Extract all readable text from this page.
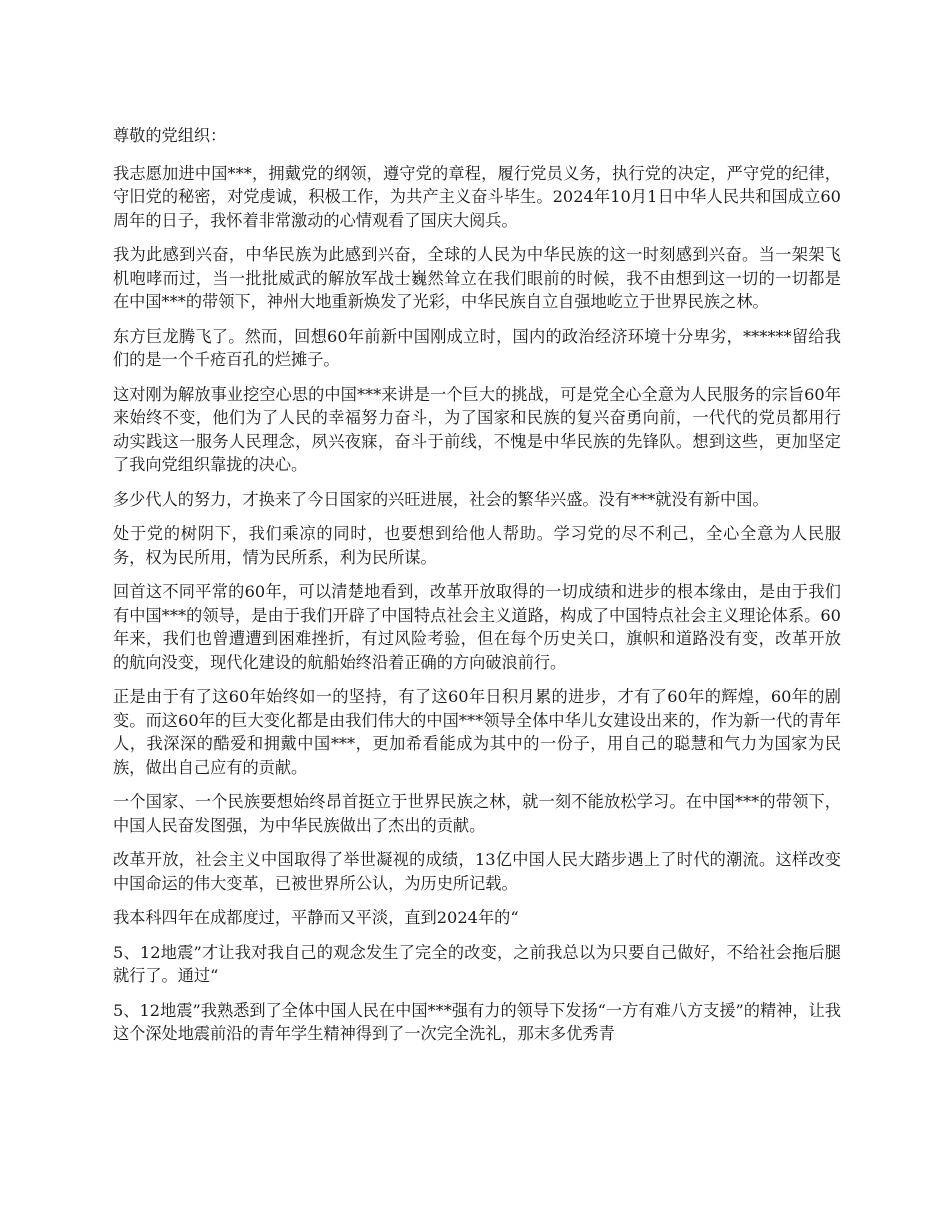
尊敬的党组织：

我志愿加进中国***，拥戴党的纲领，遵守党的章程，履行党员义务，执行党的决定，严守党的纪律，守旧党的秘密，对党虔诚，积极工作，为共产主义奋斗毕生。2024年10月1日中华人民共和国成立60周年的日子，我怀着非常激动的心情观看了国庆大阅兵。

我为此感到兴奋，中华民族为此感到兴奋，全球的人民为中华民族的这一时刻感到兴奋。当一架架飞机咆哮而过，当一批批威武的解放军战士巍然耸立在我们眼前的时候，我不由想到这一切的一切都是在中国***的带领下，神州大地重新焕发了光彩，中华民族自立自强地屹立于世界民族之林。

东方巨龙腾飞了。然而，回想60年前新中国刚成立时，国内的政治经济环境十分卑劣，******留给我们的是一个千疮百孔的烂摊子。

这对刚为解放事业挖空心思的中国***来讲是一个巨大的挑战，可是党全心全意为人民服务的宗旨60年来始终不变，他们为了人民的幸福努力奋斗，为了国家和民族的复兴奋勇向前，一代代的党员都用行动实践这一服务人民理念，夙兴夜寐，奋斗于前线，不愧是中华民族的先锋队。想到这些，更加坚定了我向党组织靠拢的决心。

多少代人的努力，才换来了今日国家的兴旺进展，社会的繁华兴盛。没有***就没有新中国。

处于党的树阴下，我们乘凉的同时，也要想到给他人帮助。学习党的尽不利己，全心全意为人民服务，权为民所用，情为民所系，利为民所谋。

回首这不同平常的60年，可以清楚地看到，改革开放取得的一切成绩和进步的根本缘由，是由于我们有中国***的领导，是由于我们开辟了中国特点社会主义道路，构成了中国特点社会主义理论体系。60年来，我们也曾遭遭到困难挫折，有过风险考验，但在每个历史关口，旗帜和道路没有变，改革开放的航向没变，现代化建设的航船始终沿着正确的方向破浪前行。

正是由于有了这60年始终如一的坚持，有了这60年日积月累的进步，才有了60年的辉煌，60年的剧变。而这60年的巨大变化都是由我们伟大的中国***领导全体中华儿女建设出来的，作为新一代的青年人，我深深的酷爱和拥戴中国***，更加希看能成为其中的一份子，用自己的聪慧和气力为国家为民族，做出自己应有的贡献。

一个国家、一个民族要想始终昂首挺立于世界民族之林，就一刻不能放松学习。在中国***的带领下，中国人民奋发图强，为中华民族做出了杰出的贡献。

改革开放，社会主义中国取得了举世凝视的成绩，13亿中国人民大踏步遇上了时代的潮流。这样改变中国命运的伟大变革，已被世界所公认，为历史所记载。

我本科四年在成都度过，平静而又平淡，直到2024年的“

5、12地震”才让我对我自己的观念发生了完全的改变，之前我总以为只要自己做好，不给社会拖后腿就行了。通过“

5、12地震”我熟悉到了全体中国人民在中国***强有力的领导下发扬“一方有难八方支援”的精神，让我这个深处地震前沿的青年学生精神得到了一次完全洗礼，那末多优秀青
